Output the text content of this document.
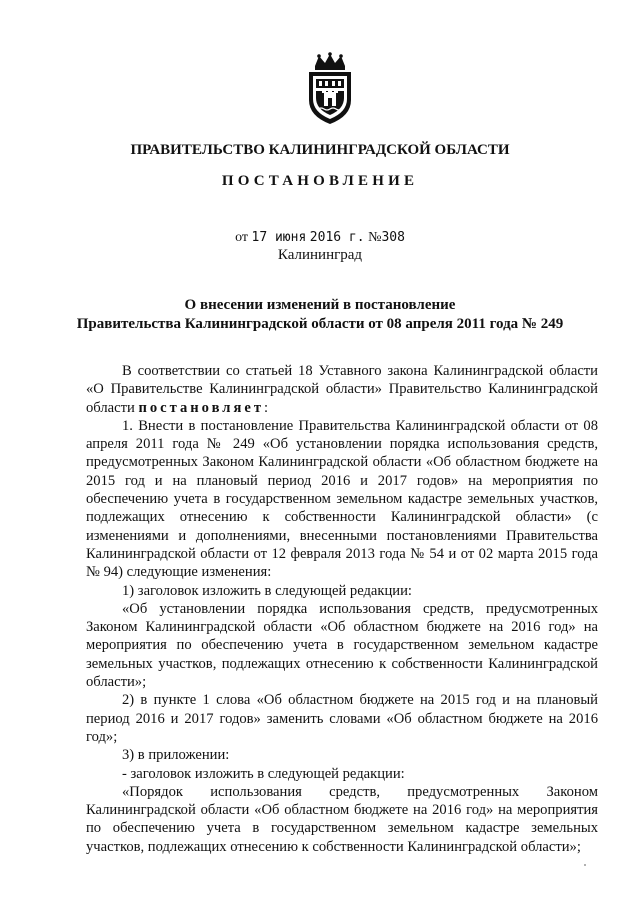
ПРАВИТЕЛЬСТВО КАЛИНИНГРАДСКОЙ ОБЛАСТИ
ПОСТАНОВЛЕНИЕ
от 17 июня 2016 г. №308
Калининград
О внесении изменений в постановление
Правительства Калининградской области от 08 апреля 2011 года № 249

В соответствии со статьей 18 Уставного закона Калининградской области «О Правительстве Калининградской области» Правительство Калининградской области постановляет:

1. Внести в постановление Правительства Калининградской области от 08 апреля 2011 года № 249 «Об установлении порядка использования средств, предусмотренных Законом Калининградской области «Об областном бюджете на 2015 год и на плановый период 2016 и 2017 годов» на мероприятия по обеспечению учета в государственном земельном кадастре земельных участков, подлежащих отнесению к собственности Калининградской области» (с изменениями и дополнениями, внесенными постановлениями Правительства Калининградской области от 12 февраля 2013 года № 54 и от 02 марта 2015 года № 94) следующие изменения:

1) заголовок изложить в следующей редакции:

«Об установлении порядка использования средств, предусмотренных Законом Калининградской области «Об областном бюджете на 2016 год» на мероприятия по обеспечению учета в государственном земельном кадастре земельных участков, подлежащих отнесению к собственности Калининградской области»;

2) в пункте 1 слова «Об областном бюджете на 2015 год и на плановый период 2016 и 2017 годов» заменить словами «Об областном бюджете на 2016 год»;

3) в приложении:

- заголовок изложить в следующей редакции:

«Порядок использования средств, предусмотренных Законом Калининградской области «Об областном бюджете на 2016 год» на мероприятия по обеспечению учета в государственном земельном кадастре земельных участков, подлежащих отнесению к собственности Калининградской области»;
